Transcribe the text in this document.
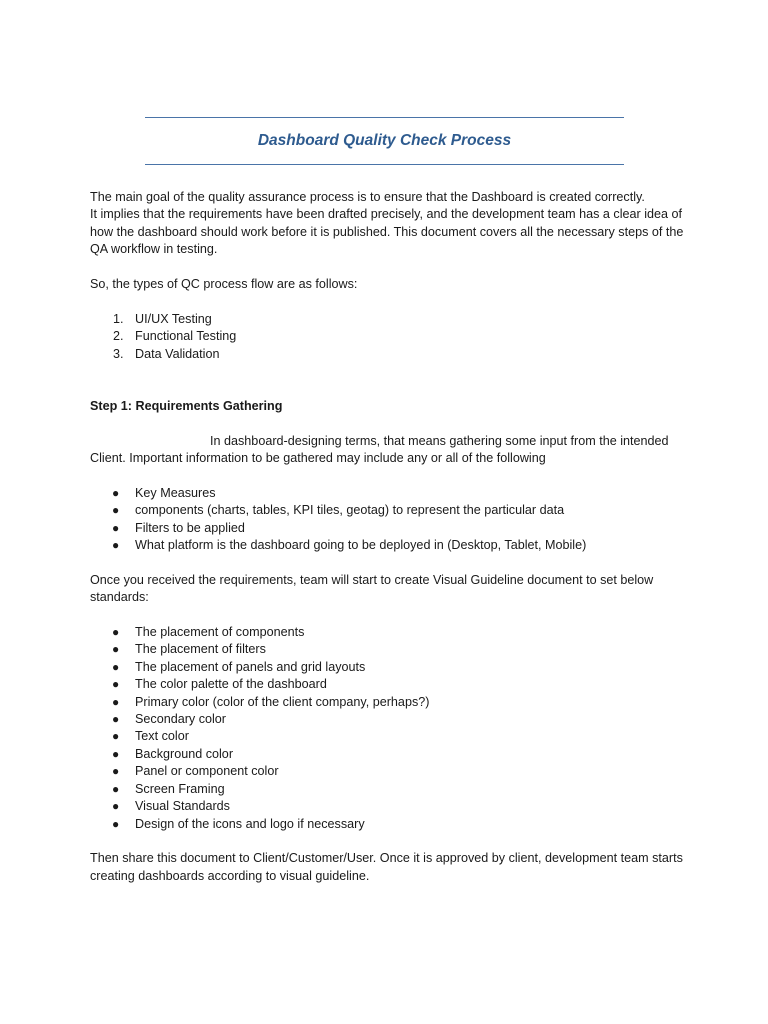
Dashboard Quality Check Process

The main goal of the quality assurance process is to ensure that the Dashboard is created correctly.

It implies that the requirements have been drafted precisely, and the development team has a clear idea of how the dashboard should work before it is published. This document covers all the necessary steps of the QA workflow in testing.

So, the types of QC process flow are as follows:

1. UI/UX Testing
2. Functional Testing
3. Data Validation

Step 1: Requirements Gathering

In dashboard-designing terms, that means gathering some input from the intended Client. Important information to be gathered may include any or all of the following

● Key Measures
● components (charts, tables, KPI tiles, geotag) to represent the particular data
● Filters to be applied
● What platform is the dashboard going to be deployed in (Desktop, Tablet, Mobile)

Once you received the requirements, team will start to create Visual Guideline document to set below standards:

● The placement of components
● The placement of filters
● The placement of panels and grid layouts
● The color palette of the dashboard
● Primary color (color of the client company, perhaps?)
● Secondary color
● Text color
● Background color
● Panel or component color
● Screen Framing
● Visual Standards
● Design of the icons and logo if necessary

Then share this document to Client/Customer/User. Once it is approved by client, development team starts creating dashboards according to visual guideline.
